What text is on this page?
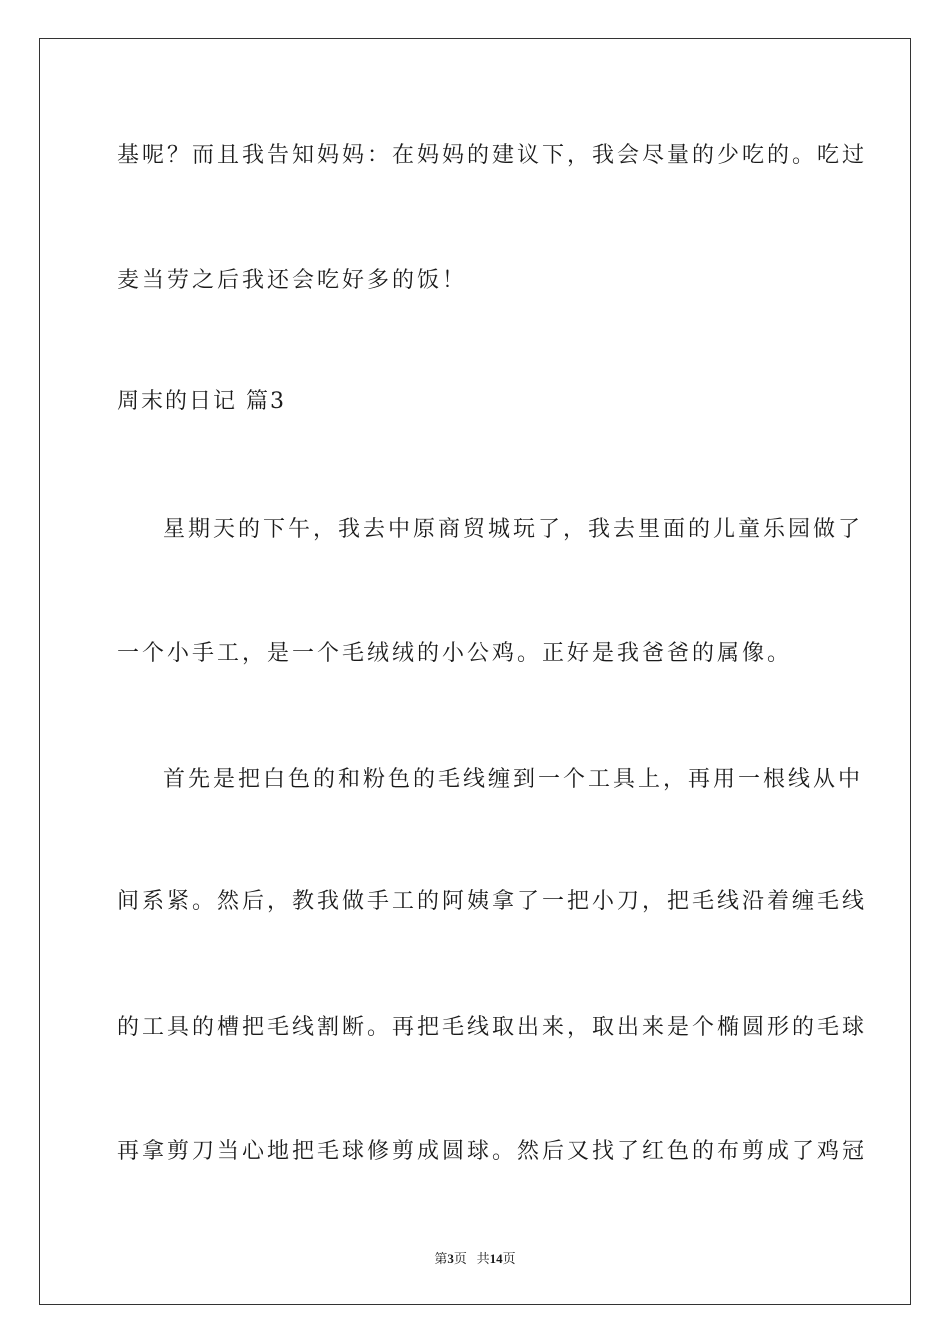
基呢？而且我告知妈妈：在妈妈的建议下，我会尽量的少吃的。吃过
麦当劳之后我还会吃好多的饭！
周末的日记 篇3
星期天的下午，我去中原商贸城玩了，我去里面的儿童乐园做了
一个小手工，是一个毛绒绒的小公鸡。正好是我爸爸的属像。
首先是把白色的和粉色的毛线缠到一个工具上，再用一根线从中
间系紧。然后，教我做手工的阿姨拿了一把小刀，把毛线沿着缠毛线
的工具的槽把毛线割断。再把毛线取出来，取出来是个椭圆形的毛球
再拿剪刀当心地把毛球修剪成圆球。然后又找了红色的布剪成了鸡冠
第3页 共14页
